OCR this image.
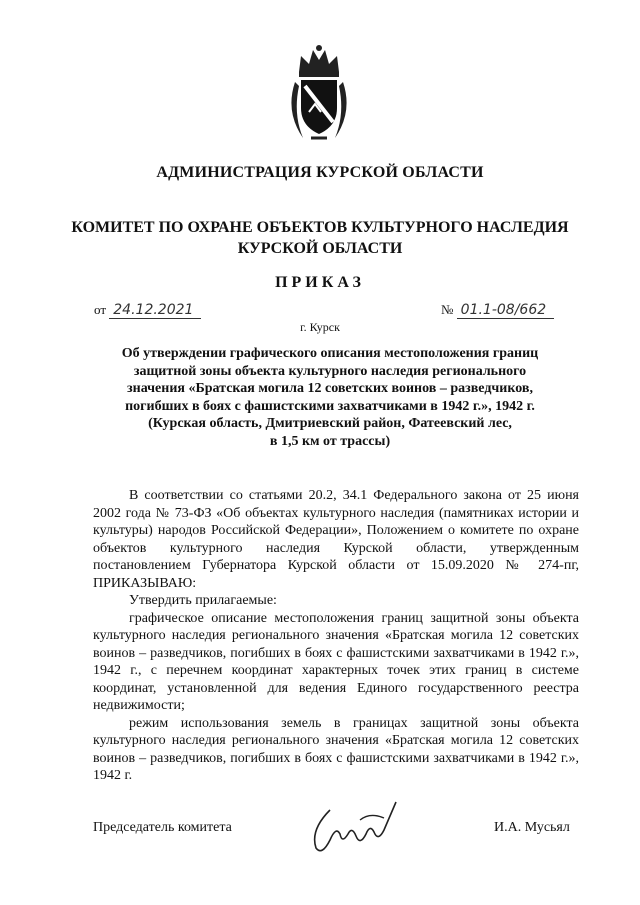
АДМИНИСТРАЦИЯ КУРСКОЙ ОБЛАСТИ
КОМИТЕТ ПО ОХРАНЕ ОБЪЕКТОВ КУЛЬТУРНОГО НАСЛЕДИЯ
КУРСКОЙ ОБЛАСТИ
ПРИКАЗ
от 24.12.2021	№ 01.1-08/662
г. Курск
Об утверждении графического описания местоположения границ
защитной зоны объекта культурного наследия регионального
значения «Братская могила 12 советских воинов – разведчиков,
погибших в боях с фашистскими захватчиками в 1942 г.», 1942 г.
(Курская область, Дмитриевский район, Фатеевский лес,
в 1,5 км от трассы)

В соответствии со статьями 20.2, 34.1 Федерального закона от 25 июня 2002 года № 73-ФЗ «Об объектах культурного наследия (памятниках истории и культуры) народов Российской Федерации», Положением о комитете по охране объектов культурного наследия Курской области, утвержденным постановлением Губернатора Курской области от 15.09.2020 № 274-пг, ПРИКАЗЫВАЮ:

Утвердить прилагаемые:

графическое описание местоположения границ защитной зоны объекта культурного наследия регионального значения «Братская могила 12 советских воинов – разведчиков, погибших в боях с фашистскими захватчиками в 1942 г.», 1942 г., с перечнем координат характерных точек этих границ в системе координат, установленной для ведения Единого государственного реестра недвижимости;

режим использования земель в границах защитной зоны объекта культурного наследия регионального значения «Братская могила 12 советских воинов – разведчиков, погибших в боях с фашистскими захватчиками в 1942 г.», 1942 г.

Председатель комитета	И.А. Мусьял
